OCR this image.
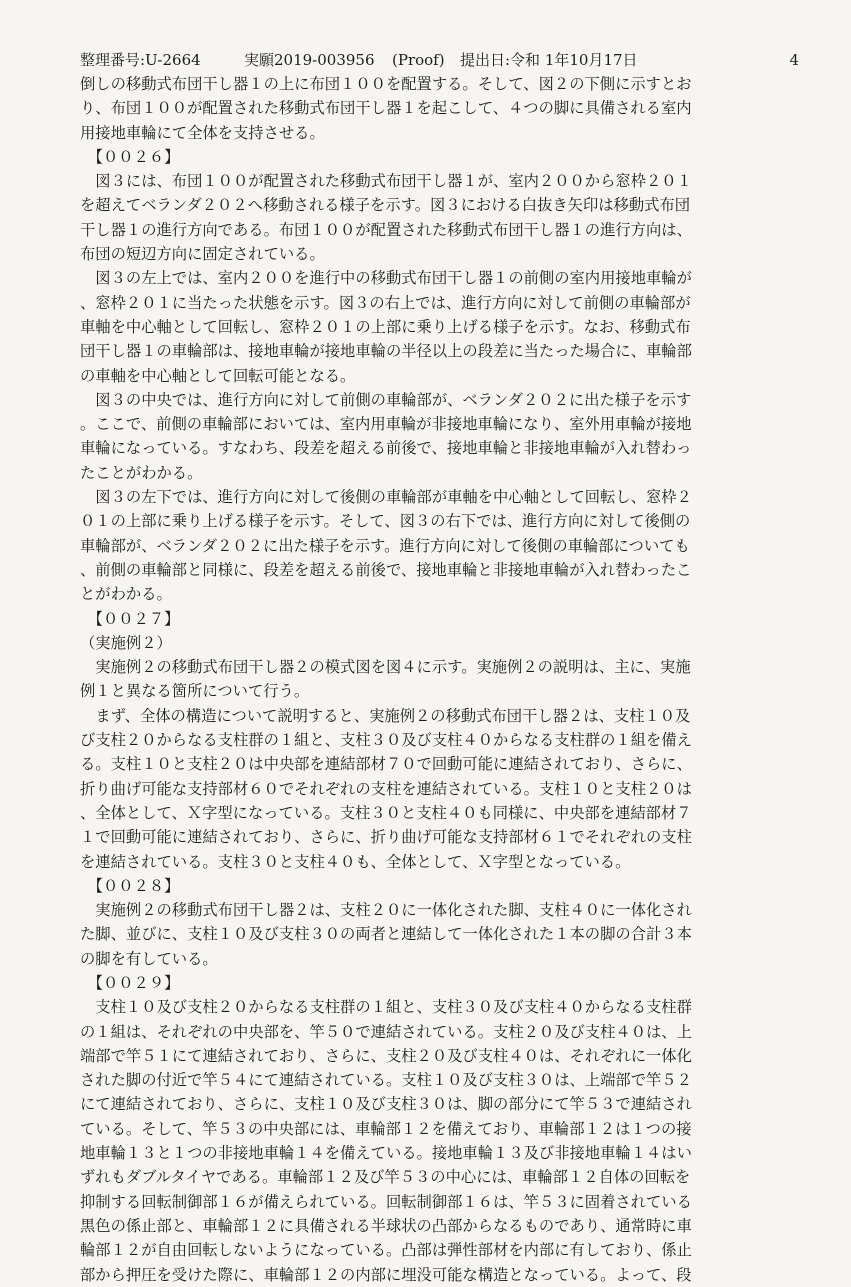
整理番号:U-2664	実願2019-003956	(Proof)	提出日:令和 1年10月17日	4
倒しの移動式布団干し器１の上に布団１００を配置する。そして、図２の下側に示すとお
り、布団１００が配置された移動式布団干し器１を起こして、４つの脚に具備される室内
用接地車輪にて全体を支持させる。
　【００２６】
　図３には、布団１００が配置された移動式布団干し器１が、室内２００から窓枠２０１
を超えてベランダ２０２へ移動される様子を示す。図３における白抜き矢印は移動式布団
干し器１の進行方向である。布団１００が配置された移動式布団干し器１の進行方向は、
布団の短辺方向に固定されている。
　図３の左上では、室内２００を進行中の移動式布団干し器１の前側の室内用接地車輪が
、窓枠２０１に当たった状態を示す。図３の右上では、進行方向に対して前側の車輪部が
車軸を中心軸として回転し、窓枠２０１の上部に乗り上げる様子を示す。なお、移動式布
団干し器１の車輪部は、接地車輪が接地車輪の半径以上の段差に当たった場合に、車輪部
の車軸を中心軸として回転可能となる。
　図３の中央では、進行方向に対して前側の車輪部が、ベランダ２０２に出た様子を示す
。ここで、前側の車輪部においては、室内用車輪が非接地車輪になり、室外用車輪が接地
車輪になっている。すなわち、段差を超える前後で、接地車輪と非接地車輪が入れ替わっ
たことがわかる。
　図３の左下では、進行方向に対して後側の車輪部が車軸を中心軸として回転し、窓枠２
０１の上部に乗り上げる様子を示す。そして、図３の右下では、進行方向に対して後側の
車輪部が、ベランダ２０２に出た様子を示す。進行方向に対して後側の車輪部についても
、前側の車輪部と同様に、段差を超える前後で、接地車輪と非接地車輪が入れ替わったこ
とがわかる。
　【００２７】
（実施例２）
　実施例２の移動式布団干し器２の模式図を図４に示す。実施例２の説明は、主に、実施
例１と異なる箇所について行う。
　まず、全体の構造について説明すると、実施例２の移動式布団干し器２は、支柱１０及
び支柱２０からなる支柱群の１組と、支柱３０及び支柱４０からなる支柱群の１組を備え
る。支柱１０と支柱２０は中央部を連結部材７０で回動可能に連結されており、さらに、
折り曲げ可能な支持部材６０でそれぞれの支柱を連結されている。支柱１０と支柱２０は
、全体として、Ｘ字型になっている。支柱３０と支柱４０も同様に、中央部を連結部材７
１で回動可能に連結されており、さらに、折り曲げ可能な支持部材６１でそれぞれの支柱
を連結されている。支柱３０と支柱４０も、全体として、Ｘ字型となっている。
　【００２８】
　実施例２の移動式布団干し器２は、支柱２０に一体化された脚、支柱４０に一体化され
た脚、並びに、支柱１０及び支柱３０の両者と連結して一体化された１本の脚の合計３本
の脚を有している。
　【００２９】
　支柱１０及び支柱２０からなる支柱群の１組と、支柱３０及び支柱４０からなる支柱群
の１組は、それぞれの中央部を、竿５０で連結されている。支柱２０及び支柱４０は、上
端部で竿５１にて連結されており、さらに、支柱２０及び支柱４０は、それぞれに一体化
された脚の付近で竿５４にて連結されている。支柱１０及び支柱３０は、上端部で竿５２
にて連結されており、さらに、支柱１０及び支柱３０は、脚の部分にて竿５３で連結され
ている。そして、竿５３の中央部には、車輪部１２を備えており、車輪部１２は１つの接
地車輪１３と１つの非接地車輪１４を備えている。接地車輪１３及び非接地車輪１４はい
ずれもダブルタイヤである。車輪部１２及び竿５３の中心には、車輪部１２自体の回転を
抑制する回転制御部１６が備えられている。回転制御部１６は、竿５３に固着されている
黒色の係止部と、車輪部１２に具備される半球状の凸部からなるものであり、通常時に車
輪部１２が自由回転しないようになっている。凸部は弾性部材を内部に有しており、係止
部から押圧を受けた際に、車輪部１２の内部に埋没可能な構造となっている。よって、段
